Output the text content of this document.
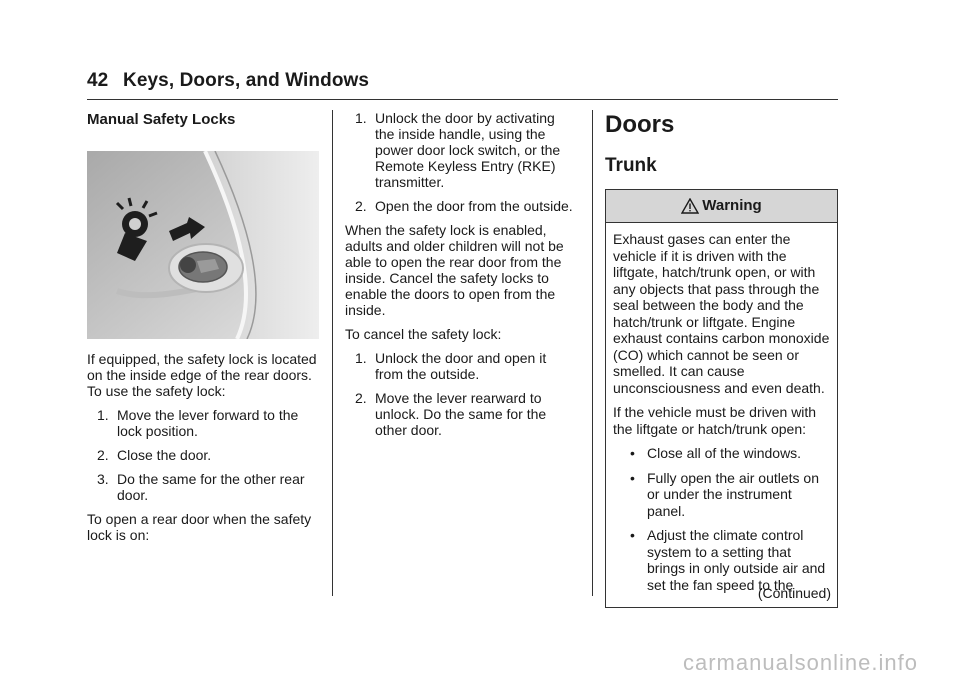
42 Keys, Doors, and Windows
Manual Safety Locks

If equipped, the safety lock is located on the inside edge of the rear doors. To use the safety lock:

1. Move the lever forward to the lock position.
2. Close the door.
3. Do the same for the other rear door.

To open a rear door when the safety lock is on:

1. Unlock the door by activating the inside handle, using the power door lock switch, or the Remote Keyless Entry (RKE) transmitter.
2. Open the door from the outside.

When the safety lock is enabled, adults and older children will not be able to open the rear door from the inside. Cancel the safety locks to enable the doors to open from the inside.

To cancel the safety lock:

1. Unlock the door and open it from the outside.
2. Move the lever rearward to unlock. Do the same for the other door.
Doors
Trunk
Warning

Exhaust gases can enter the vehicle if it is driven with the liftgate, hatch/trunk open, or with any objects that pass through the seal between the body and the hatch/trunk or liftgate. Engine exhaust contains carbon monoxide (CO) which cannot be seen or smelled. It can cause unconsciousness and even death.

If the vehicle must be driven with the liftgate or hatch/trunk open:

• Close all of the windows.
• Fully open the air outlets on or under the instrument panel.
• Adjust the climate control system to a setting that brings in only outside air and set the fan speed to the
(Continued)
carmanualsonline.info
